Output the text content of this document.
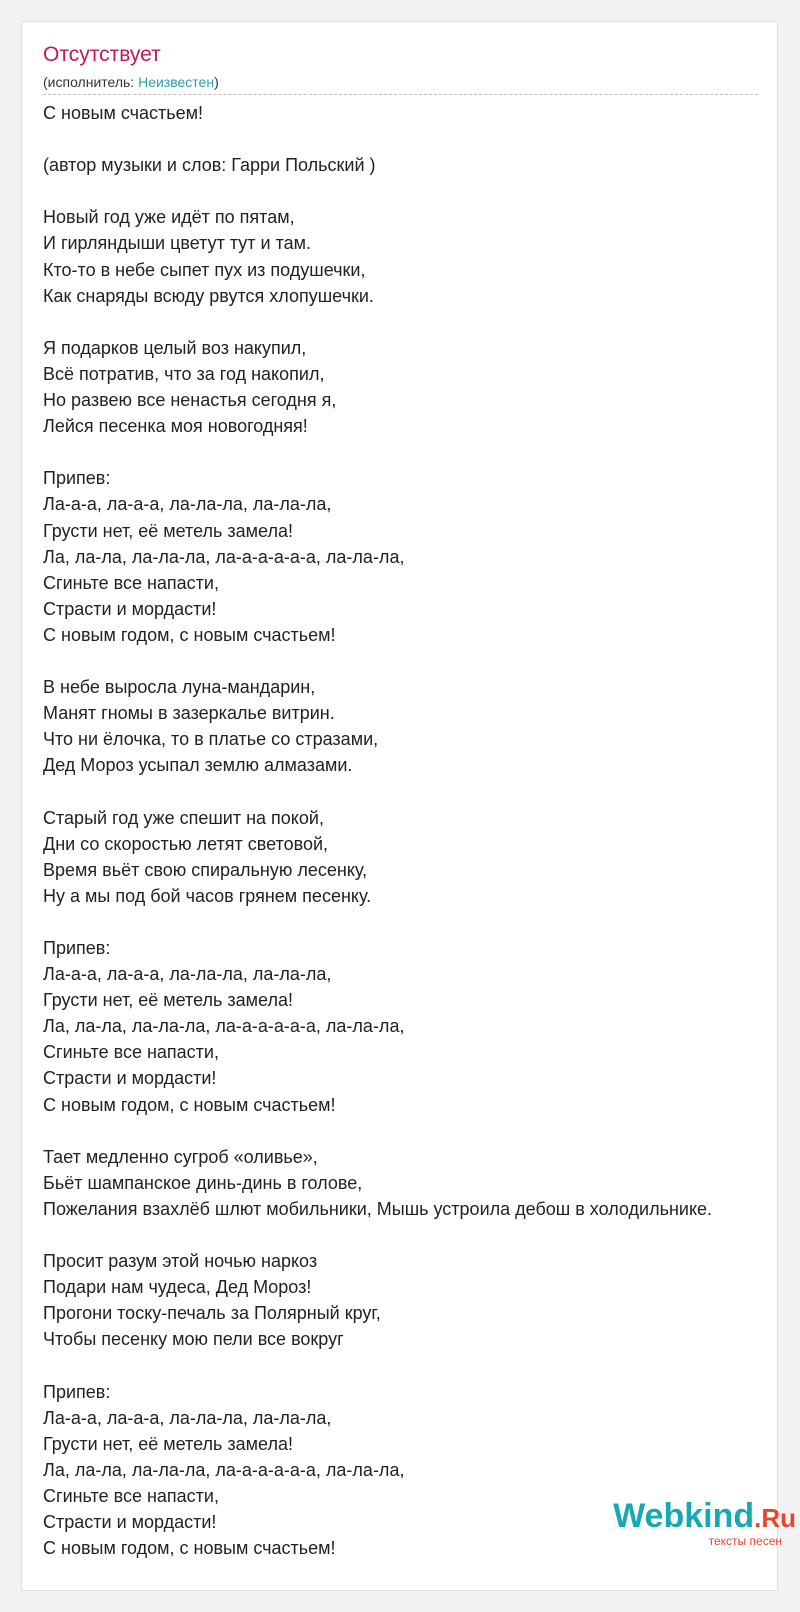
Отсутствует
(исполнитель: Неизвестен)
С новым счастьем!
(автор музыки и слов: Гарри Польский )
Новый год уже идёт по пятам,
И гирляндыши цветут тут и там.
Кто-то в небе сыпет пух из подушечки,
Как снаряды всюду рвутся хлопушечки.
Я подарков целый воз накупил,
Всё потратив, что за год накопил,
Но развею все ненастья сегодня я,
Лейся песенка моя новогодняя!
Припев:
Ла-а-а, ла-а-а, ла-ла-ла, ла-ла-ла,
Грусти нет, её метель замела!
Ла, ла-ла, ла-ла-ла, ла-а-а-а-а-а, ла-ла-ла,
Сгиньте все напасти,
Страсти и мордасти!
С новым годом, с новым счастьем!
В небе выросла луна-мандарин,
Манят гномы в зазеркалье витрин.
Что ни ёлочка, то в платье со стразами,
Дед Мороз усыпал землю алмазами.
Старый год уже спешит на покой,
Дни со скоростью летят световой,
Время вьёт свою спиральную лесенку,
Ну а мы под бой часов грянем песенку.
Припев:
Ла-а-а, ла-а-а, ла-ла-ла, ла-ла-ла,
Грусти нет, её метель замела!
Ла, ла-ла, ла-ла-ла, ла-а-а-а-а-а, ла-ла-ла,
Сгиньте все напасти,
Страсти и мордасти!
С новым годом, с новым счастьем!
Тает медленно сугроб «оливье»,
Бьёт шампанское динь-динь в голове,
Пожелания взахлёб шлют мобильники, Мышь устроила дебош в холодильнике.
Просит разум этой ночью наркоз
Подари нам чудеса, Дед Мороз!
Прогони тоску-печаль за Полярный круг,
Чтобы песенку мою пели все вокруг
Припев:
Ла-а-а, ла-а-а, ла-ла-ла, ла-ла-ла,
Грусти нет, её метель замела!
Ла, ла-ла, ла-ла-ла, ла-а-а-а-а-а, ла-ла-ла,
Сгиньте все напасти,
Страсти и мордасти!
С новым годом, с новым счастьем!
Webkind.Ru
тексты песен
